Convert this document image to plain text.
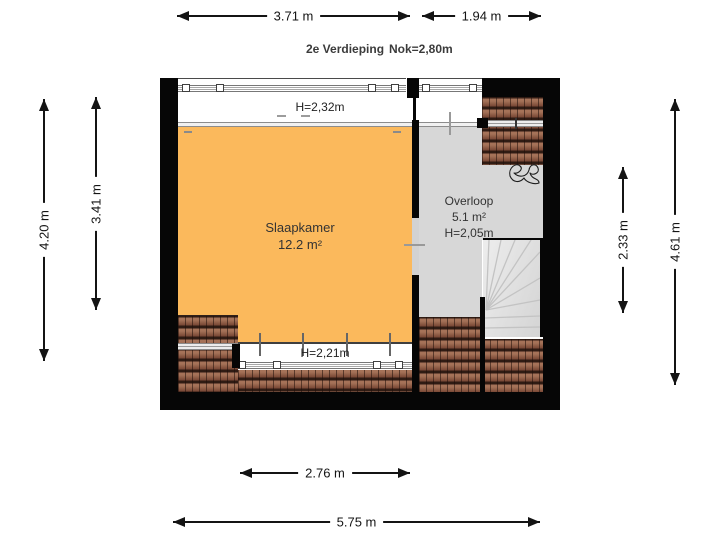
2e Verdieping Nok=2,80m
3.71 m	1.94 m
4.20 m
3.41 m
2.33 m	4.61 m
2.76 m
5.75 m
H=2,32m
H=2,21m
Slaapkamer
12.2 m²
Overloop
5.1 m²
H=2,05m
